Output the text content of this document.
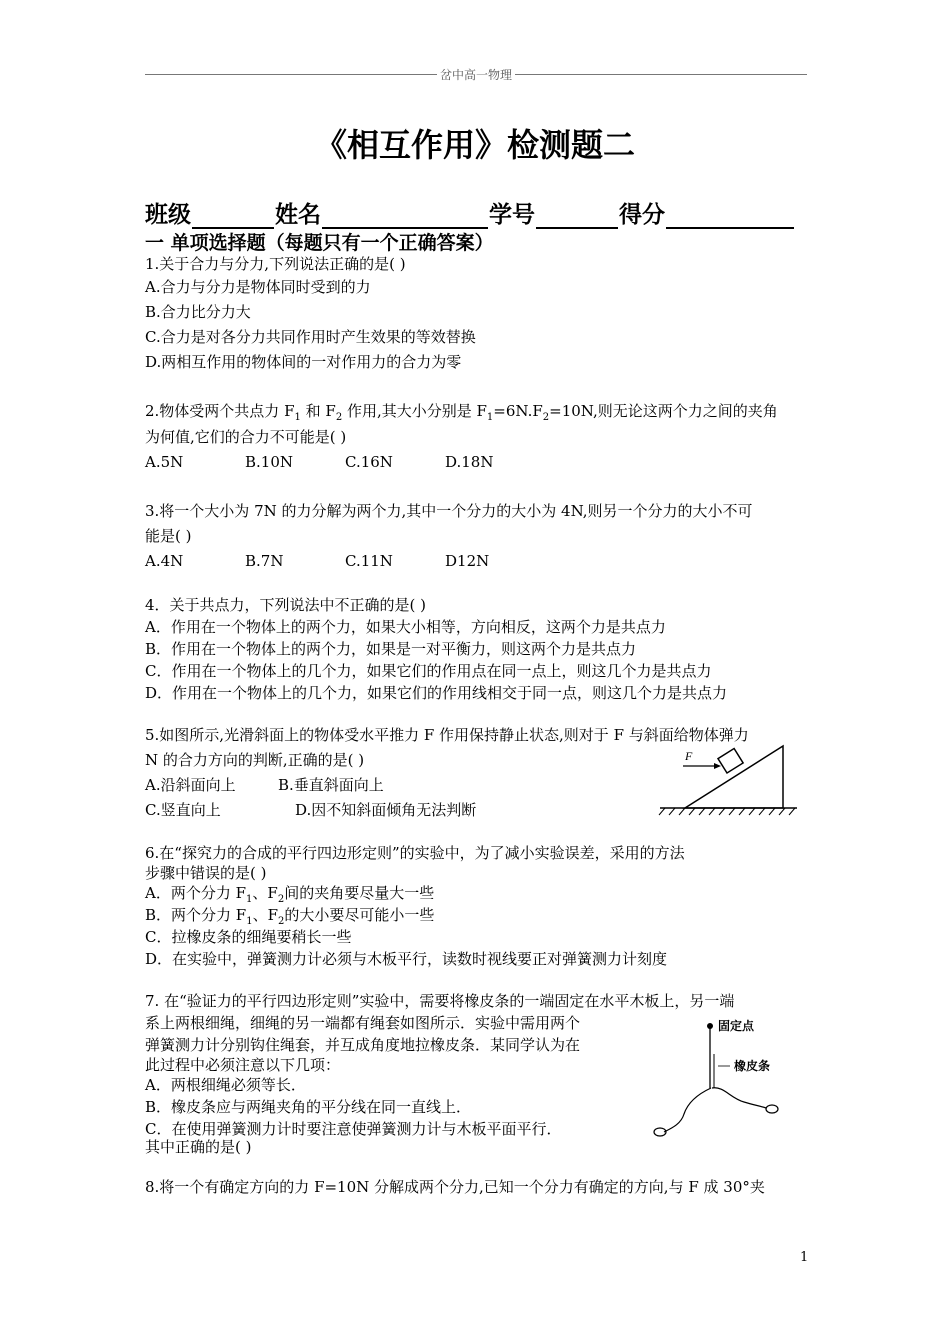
岔中高一物理
《相互作用》检测题二
班级	姓名	学号	得分
一 单项选择题（每题只有一个正确答案）
1.关于合力与分力,下列说法正确的是( )
A.合力与分力是物体同时受到的力
B.合力比分力大
C.合力是对各分力共同作用时产生效果的等效替换
D.两相互作用的物体间的一对作用力的合力为零
2.物体受两个共点力 $F_1$ 和 $F_2$ 作用,其大小分别是 $F_1=6N.F_2=10N$,则无论这两个力之间的夹角
为何值,它们的合力不可能是( )
A.5N	B.10N	C.16N	D.18N
3.将一个大小为 7N 的力分解为两个力,其中一个分力的大小为 4N,则另一个分力的大小不可
能是( )
A.4N	B.7N	C.11N	D12N
4．关于共点力，下列说法中不正确的是( )
A．作用在一个物体上的两个力，如果大小相等，方向相反，这两个力是共点力
B．作用在一个物体上的两个力，如果是一对平衡力，则这两个力是共点力
C．作用在一个物体上的几个力，如果它们的作用点在同一点上，则这几个力是共点力
D．作用在一个物体上的几个力，如果它们的作用线相交于同一点，则这几个力是共点力
5.如图所示,光滑斜面上的物体受水平推力 F 作用保持静止状态,则对于 F 与斜面给物体弹力
N 的合力方向的判断,正确的是( )
A.沿斜面向上	B.垂直斜面向上
C.竖直向上	D.因不知斜面倾角无法判断
F
6.在“探究力的合成的平行四边形定则”的实验中，为了减小实验误差，采用的方法
步骤中错误的是( )
A．两个分力 $F_1$、$F_2$间的夹角要尽量大一些
B．两个分力 $F_1$、$F_2$的大小要尽可能小一些
C．拉橡皮条的细绳要稍长一些
D．在实验中，弹簧测力计必须与木板平行，读数时视线要正对弹簧测力计刻度
7. 在“验证力的平行四边形定则”实验中，需要将橡皮条的一端固定在水平木板上，另一端
系上两根细绳，细绳的另一端都有绳套如图所示．实验中需用两个
弹簧测力计分别钩住绳套，并互成角度地拉橡皮条．某同学认为在
此过程中必须注意以下几项：
A．两根细绳必须等长．
B．橡皮条应与两绳夹角的平分线在同一直线上．
C．在使用弹簧测力计时要注意使弹簧测力计与木板平面平行．
其中正确的是( )
固定点
橡皮条
8.将一个有确定方向的力 F=10N 分解成两个分力,已知一个分力有确定的方向,与 F 成 30°夹
1
